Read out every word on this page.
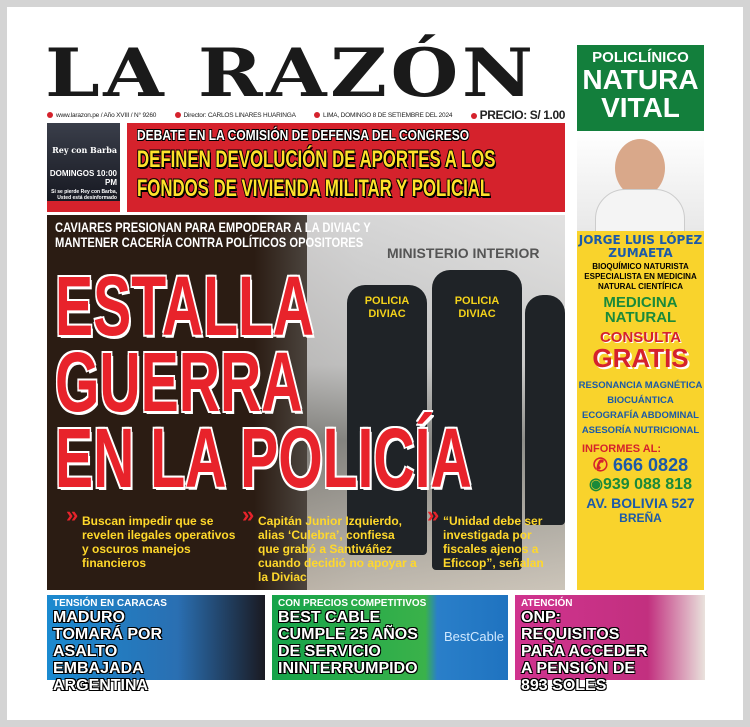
LA RAZÓN
www.larazon.pe / Año XVIII / N° 9260	Director: CARLOS LINARES HUARINGA	LIMA, DOMINGO 8 DE SETIEMBRE DEL 2024	PRECIO: S/ 1.00
Rey con Barba
DOMINGOS 10:00 PM
Si se pierde Rey con Barba, Usted está desinformado
DEBATE EN LA COMISIÓN DE DEFENSA DEL CONGRESO
DEFINEN DEVOLUCIÓN DE APORTES A LOS FONDOS DE VIVIENDA MILITAR Y POLICIAL
MINISTERIO INTERIOR
POLICIA DIVIAC
POLICIA DIVIAC
CAVIARES PRESIONAN PARA EMPODERAR A LA DIVIAC Y MANTENER CACERÍA CONTRA POLÍTICOS OPOSITORES
ESTALLA
GUERRA
EN LA POLICÍA
» Buscan impedir que se revelen ilegales operativos y oscuros manejos financieros
» Capitán Junior Izquierdo, alias ‘Culebra’, confiesa que grabó a Santiváñez cuando decidió no apoyar a la Diviac
» “Unidad debe ser investigada por fiscales ajenos a Eficcop”, señalan
POLICLÍNICO
NATURA VITAL
JORGE LUIS LÓPEZ ZUMAETA
BIOQUÍMICO NATURISTA ESPECIALISTA EN MEDICINA NATURAL CIENTÍFICA
MEDICINA NATURAL
CONSULTA
GRATIS
RESONANCIA MAGNÉTICA
BIOCUÁNTICA
ECOGRAFÍA ABDOMINAL
ASESORÍA NUTRICIONAL
INFORMES AL:
✆ 666 0828
◉939 088 818
AV. BOLIVIA 527
BREÑA
TENSIÓN EN CARACAS
MADURO TOMARÁ POR ASALTO EMBAJADA ARGENTINA
CON PRECIOS COMPETITIVOS
BEST CABLE CUMPLE 25 AÑOS DE SERVICIO ININTERRUMPIDO
BestCable
ATENCIÓN
ONP: REQUISITOS PARA ACCEDER A PENSIÓN DE 893 SOLES
